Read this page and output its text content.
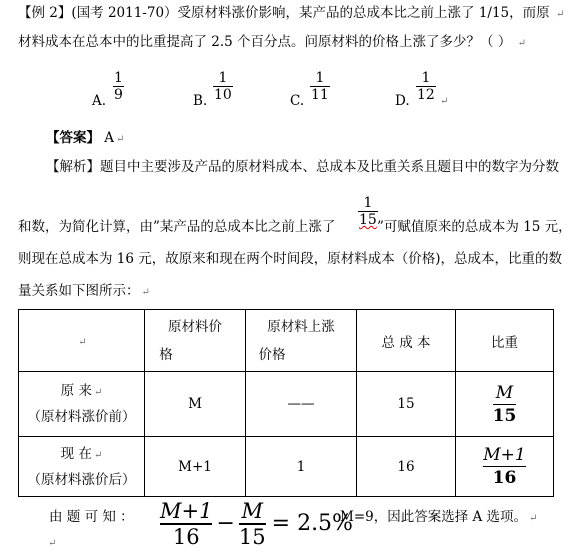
【例 2】(国考 2011-70）受原材料涨价影响，某产品的总成本比之前上涨了 1/15，而原 ↵
材料成本在总本中的比重提高了 2.5 个百分点。问原材料的价格上涨了多少？（ ） ↵
A.
1
9	B.
1
10	C.
1
11	D.
1
12 ↵
【答案】 A ↵
【解析】题目中主要涉及产品的原材料成本、总成本及比重关系且题目中的数字为分数
和数，为简化计算，由”某产品的总成本比之前上涨了
1
15 ”可赋值原来的总成本为 15 元，
则现在总成本为 16 元，故原来和现在两个时间段，原材料成本（价格)，总成本，比重的数
量关系如下图所示： ↵
↵	原材料价
格	原材料上涨
价格	总 成 本	比重

原 来 ↵
（原材料涨价前）	M	——	15	$\frac{M}{15}$

现 在 ↵
（原材料涨价后）	M+1	1	16	$\frac{M+1}{16}$
由 题 可 知 ： M+1
16
−
M
15
= 2.5%
M=9，因此答案选择 A 选项。 ↵
↵
